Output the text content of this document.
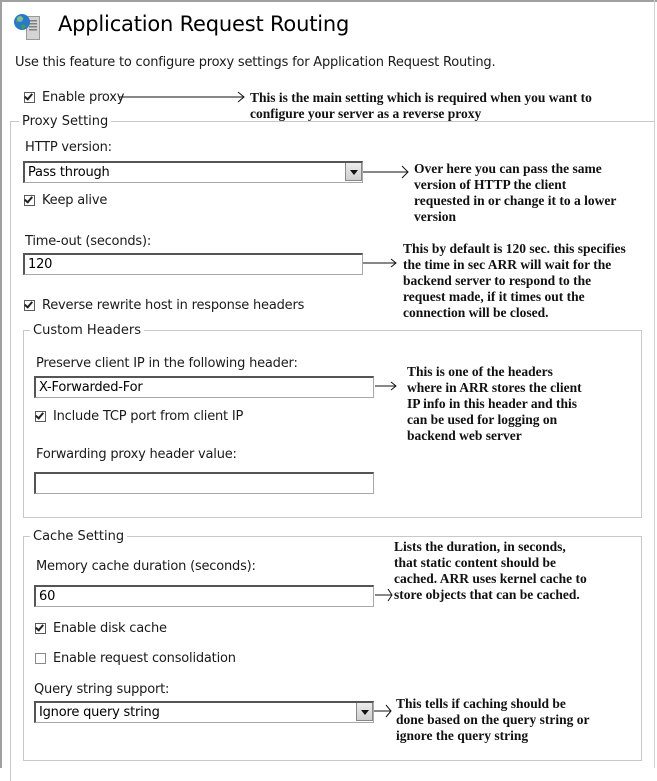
Application Request Routing
Use this feature to configure proxy settings for Application Request Routing.
Enable proxy
Proxy Setting
HTTP version:
Pass through
Keep alive
Time-out (seconds):
120
Reverse rewrite host in response headers
Custom Headers
Preserve client IP in the following header:
X-Forwarded-For
Include TCP port from client IP
Forwarding proxy header value:
Cache Setting
Memory cache duration (seconds):
60
Enable disk cache
Enable request consolidation
Query string support:
Ignore query string
This is the main setting which is required when you want to
configure your server as a reverse proxy
Over here you can pass the same
version of HTTP the client
requested in or change it to a lower
version
This by default is 120 sec. this specifies
the time in sec ARR will wait for the
backend server to respond to the
request made, if it times out the
connection will be closed.
This is one of the headers
where in ARR stores the client
IP info in this header and this
can be used for logging on
backend web server
Lists the duration, in seconds,
that static content should be
cached. ARR uses kernel cache to
store objects that can be cached.
This tells if caching should be
done based on the query string or
ignore the query string
